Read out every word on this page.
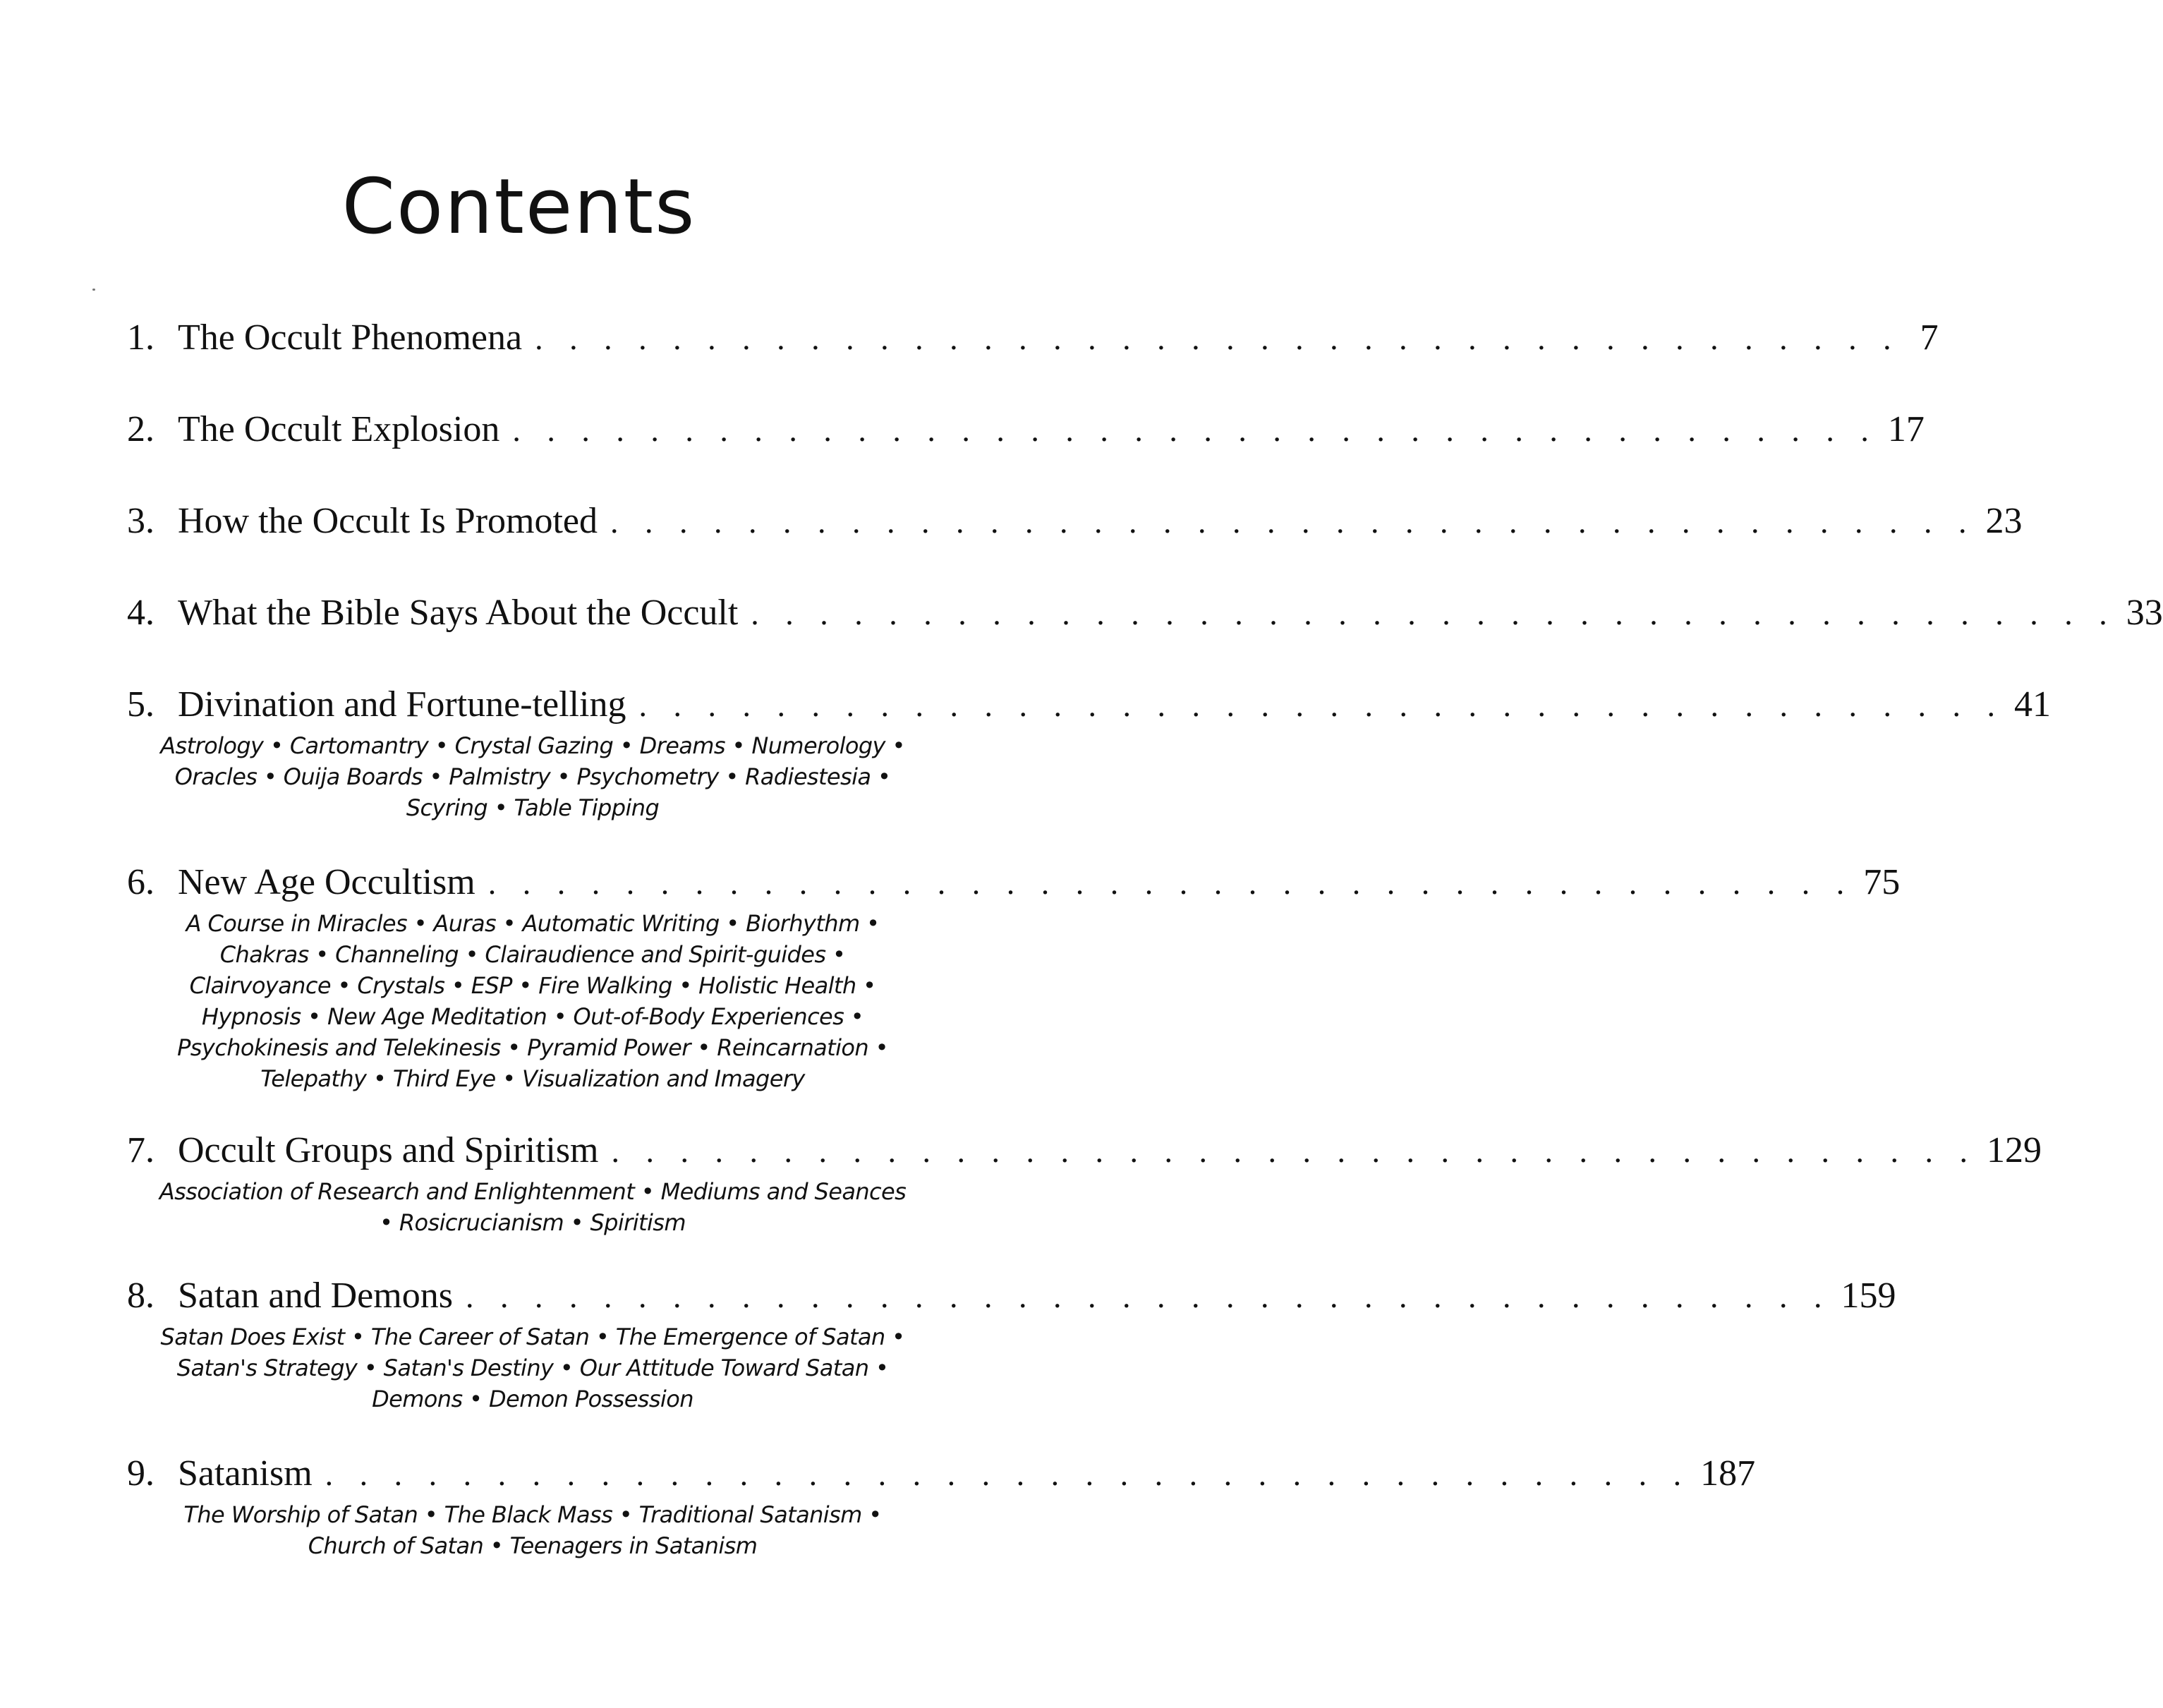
Contents
1. The Occult Phenomena . . . . . . . . . . . . . . . . . . . . . . . . . . . . . . . . . . . . . . . . 7
2. The Occult Explosion . . . . . . . . . . . . . . . . . . . . . . . . . . . . . . . . . . . . . . . . 17
3. How the Occult Is Promoted . . . . . . . . . . . . . . . . . . . . . . . . . . . . . . . . . . . . . . . . 23
4. What the Bible Says About the Occult . . . . . . . . . . . . . . . . . . . . . . . . . . . . . . . . . . . . . . . . 33
5. Divination and Fortune-telling . . . . . . . . . . . . . . . . . . . . . . . . . . . . . . . . . . . . . . . . 41

Astrology • Cartomantry • Crystal Gazing • Dreams • Numerology • Oracles • Ouija Boards • Palmistry • Psychometry • Radiestesia • Scyring • Table Tipping

6. New Age Occultism . . . . . . . . . . . . . . . . . . . . . . . . . . . . . . . . . . . . . . . . 75

A Course in Miracles • Auras • Automatic Writing • Biorhythm • Chakras • Channeling • Clairaudience and Spirit-guides • Clairvoyance • Crystals • ESP • Fire Walking • Holistic Health • Hypnosis • New Age Meditation • Out-of-Body Experiences • Psychokinesis and Telekinesis • Pyramid Power • Reincarnation • Telepathy • Third Eye • Visualization and Imagery

7. Occult Groups and Spiritism . . . . . . . . . . . . . . . . . . . . . . . . . . . . . . . . . . . . . . . . 129

Association of Research and Enlightenment • Mediums and Seances • Rosicrucianism • Spiritism

8. Satan and Demons . . . . . . . . . . . . . . . . . . . . . . . . . . . . . . . . . . . . . . . . 159

Satan Does Exist • The Career of Satan • The Emergence of Satan • Satan's Strategy • Satan's Destiny • Our Attitude Toward Satan • Demons • Demon Possession

9. Satanism . . . . . . . . . . . . . . . . . . . . . . . . . . . . . . . . . . . . . . . . 187

The Worship of Satan • The Black Mass • Traditional Satanism • Church of Satan • Teenagers in Satanism
